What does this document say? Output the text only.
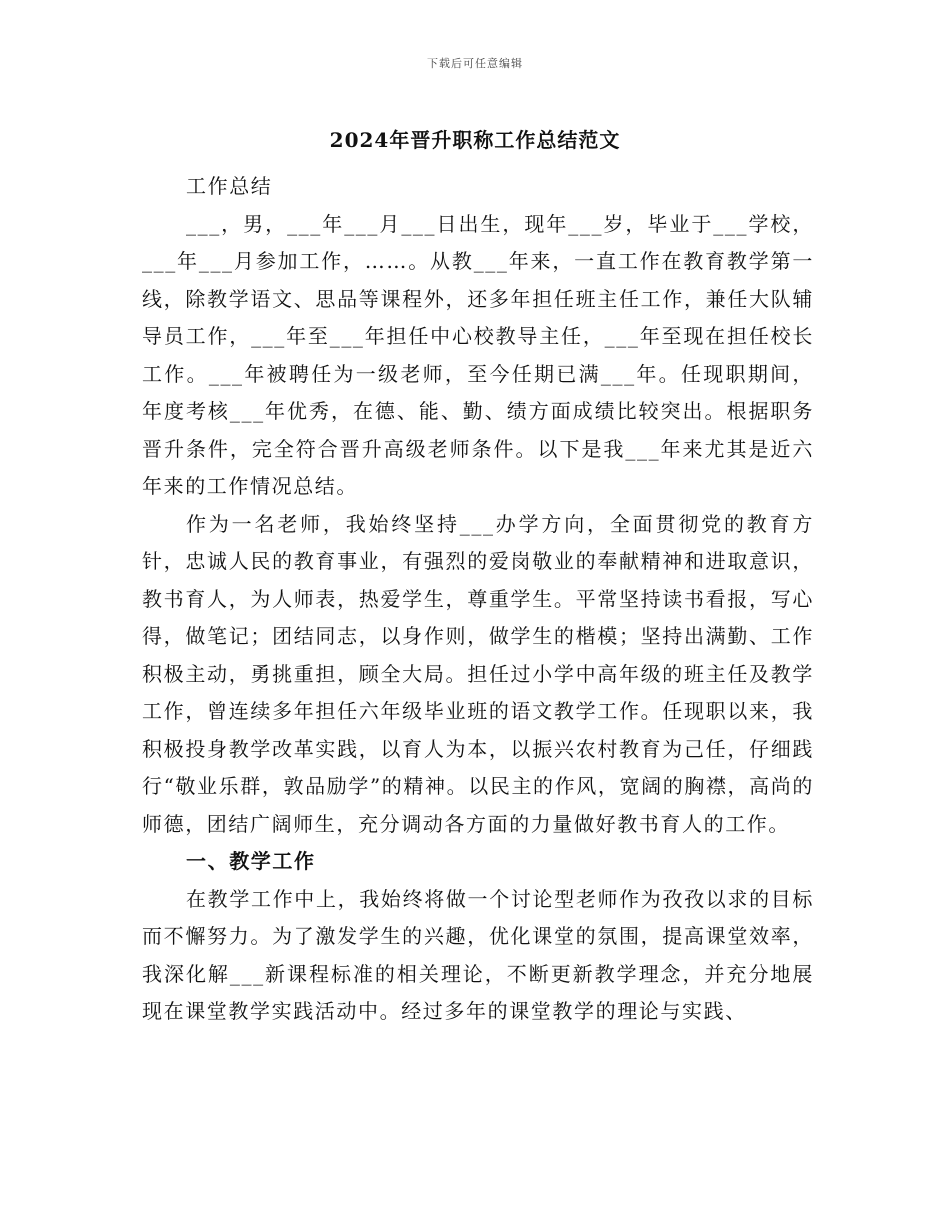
下载后可任意编辑
2024年晋升职称工作总结范文

工作总结

___，男，___年___月___日出生，现年___岁，毕业于___学校，___年___月参加工作，……。从教___年来，一直工作在教育教学第一线，除教学语文、思品等课程外，还多年担任班主任工作，兼任大队辅导员工作，___年至___年担任中心校教导主任，___年至现在担任校长工作。___年被聘任为一级老师，至今任期已满___年。任现职期间，年度考核___年优秀，在德、能、勤、绩方面成绩比较突出。根据职务晋升条件，完全符合晋升高级老师条件。以下是我___年来尤其是近六年来的工作情况总结。

作为一名老师，我始终坚持___办学方向，全面贯彻党的教育方针，忠诚人民的教育事业，有强烈的爱岗敬业的奉献精神和进取意识，教书育人，为人师表，热爱学生，尊重学生。平常坚持读书看报，写心得，做笔记；团结同志，以身作则，做学生的楷模；坚持出满勤、工作积极主动，勇挑重担，顾全大局。担任过小学中高年级的班主任及教学工作，曾连续多年担任六年级毕业班的语文教学工作。任现职以来，我积极投身教学改革实践，以育人为本，以振兴农村教育为己任，仔细践行“敬业乐群，敦品励学”的精神。以民主的作风，宽阔的胸襟，高尚的师德，团结广阔师生，充分调动各方面的力量做好教书育人的工作。

一、教学工作

在教学工作中上，我始终将做一个讨论型老师作为孜孜以求的目标而不懈努力。为了激发学生的兴趣，优化课堂的氛围，提高课堂效率，我深化解___新课程标准的相关理论，不断更新教学理念，并充分地展现在课堂教学实践活动中。经过多年的课堂教学的理论与实践、
